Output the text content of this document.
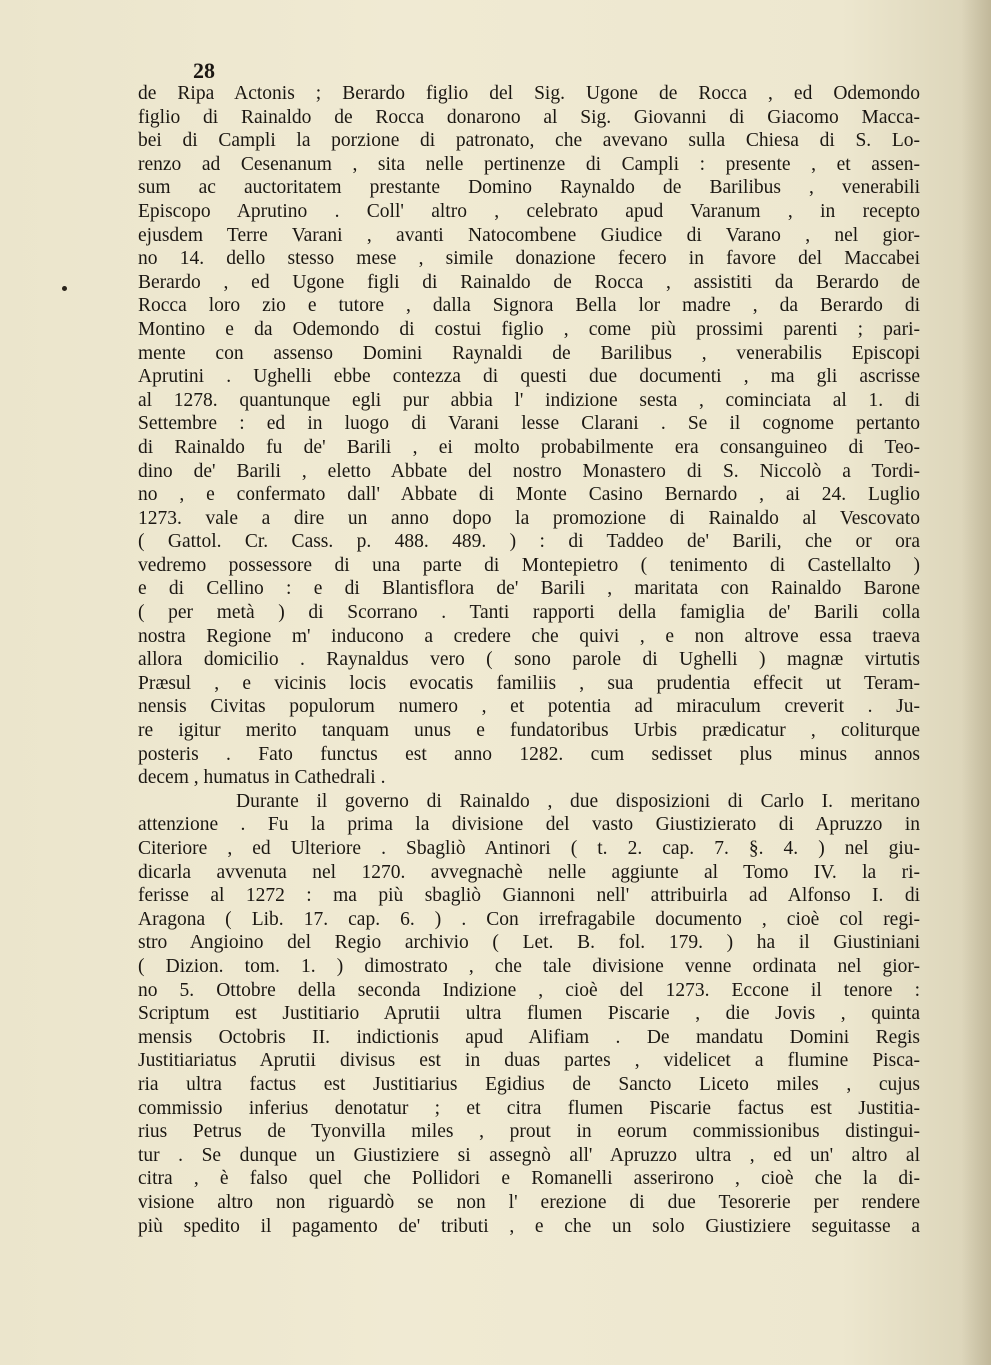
28
de Ripa Actonis ; Berardo figlio del Sig. Ugone de Rocca , ed Odemondo
figlio di Rainaldo de Rocca donarono al Sig. Giovanni di Giacomo Macca-
bei di Campli la porzione di patronato, che avevano sulla Chiesa di S. Lo-
renzo ad Cesenanum , sita nelle pertinenze di Campli : presente , et assen-
sum ac auctoritatem prestante Domino Raynaldo de Barilibus , venerabili
Episcopo Aprutino . Coll' altro , celebrato apud Varanum , in recepto
ejusdem Terre Varani , avanti Natocombene Giudice di Varano , nel gior-
no 14. dello stesso mese , simile donazione fecero in favore del Maccabei
Berardo , ed Ugone figli di Rainaldo de Rocca , assistiti da Berardo de
Rocca loro zio e tutore , dalla Signora Bella lor madre , da Berardo di
Montino e da Odemondo di costui figlio , come più prossimi parenti ; pari-
mente con assenso Domini Raynaldi de Barilibus , venerabilis Episcopi
Aprutini . Ughelli ebbe contezza di questi due documenti , ma gli ascrisse
al 1278. quantunque egli pur abbia l' indizione sesta , cominciata al 1. di
Settembre : ed in luogo di Varani lesse Clarani . Se il cognome pertanto
di Rainaldo fu de' Barili , ei molto probabilmente era consanguineo di Teo-
dino de' Barili , eletto Abbate del nostro Monastero di S. Niccolò a Tordi-
no , e confermato dall' Abbate di Monte Casino Bernardo , ai 24. Luglio
1273. vale a dire un anno dopo la promozione di Rainaldo al Vescovato
( Gattol. Cr. Cass. p. 488. 489. ) : di Taddeo de' Barili, che or ora
vedremo possessore di una parte di Montepietro ( tenimento di Castellalto )
e di Cellino : e di Blantisflora de' Barili , maritata con Rainaldo Barone
( per metà ) di Scorrano . Tanti rapporti della famiglia de' Barili colla
nostra Regione m' inducono a credere che quivi , e non altrove essa traeva
allora domicilio . Raynaldus vero ( sono parole di Ughelli ) magnæ virtutis
Præsul , e vicinis locis evocatis familiis , sua prudentia effecit ut Teram-
nensis Civitas populorum numero , et potentia ad miraculum creverit . Ju-
re igitur merito tanquam unus e fundatoribus Urbis prædicatur , coliturque
posteris . Fato functus est anno 1282. cum sedisset plus minus annos
decem , humatus in Cathedrali .
Durante il governo di Rainaldo , due disposizioni di Carlo I. meritano
attenzione . Fu la prima la divisione del vasto Giustizierato di Apruzzo in
Citeriore , ed Ulteriore . Sbagliò Antinori ( t. 2. cap. 7. §. 4. ) nel giu-
dicarla avvenuta nel 1270. avvegnachè nelle aggiunte al Tomo IV. la ri-
ferisse al 1272 : ma più sbagliò Giannoni nell' attribuirla ad Alfonso I. di
Aragona ( Lib. 17. cap. 6. ) . Con irrefragabile documento , cioè col regi-
stro Angioino del Regio archivio ( Let. B. fol. 179. ) ha il Giustiniani
( Dizion. tom. 1. ) dimostrato , che tale divisione venne ordinata nel gior-
no 5. Ottobre della seconda Indizione , cioè del 1273. Eccone il tenore :
Scriptum est Justitiario Aprutii ultra flumen Piscarie , die Jovis , quinta
mensis Octobris II. indictionis apud Alifiam . De mandatu Domini Regis
Justitiariatus Aprutii divisus est in duas partes , videlicet a flumine Pisca-
ria ultra factus est Justitiarius Egidius de Sancto Liceto miles , cujus
commissio inferius denotatur ; et citra flumen Piscarie factus est Justitia-
rius Petrus de Tyonvilla miles , prout in eorum commissionibus distingui-
tur . Se dunque un Giustiziere si assegnò all' Apruzzo ultra , ed un' altro al
citra , è falso quel che Pollidori e Romanelli asserirono , cioè che la di-
visione altro non riguardò se non l' erezione di due Tesorerie per rendere
più spedito il pagamento de' tributi , e che un solo Giustiziere seguitasse a
